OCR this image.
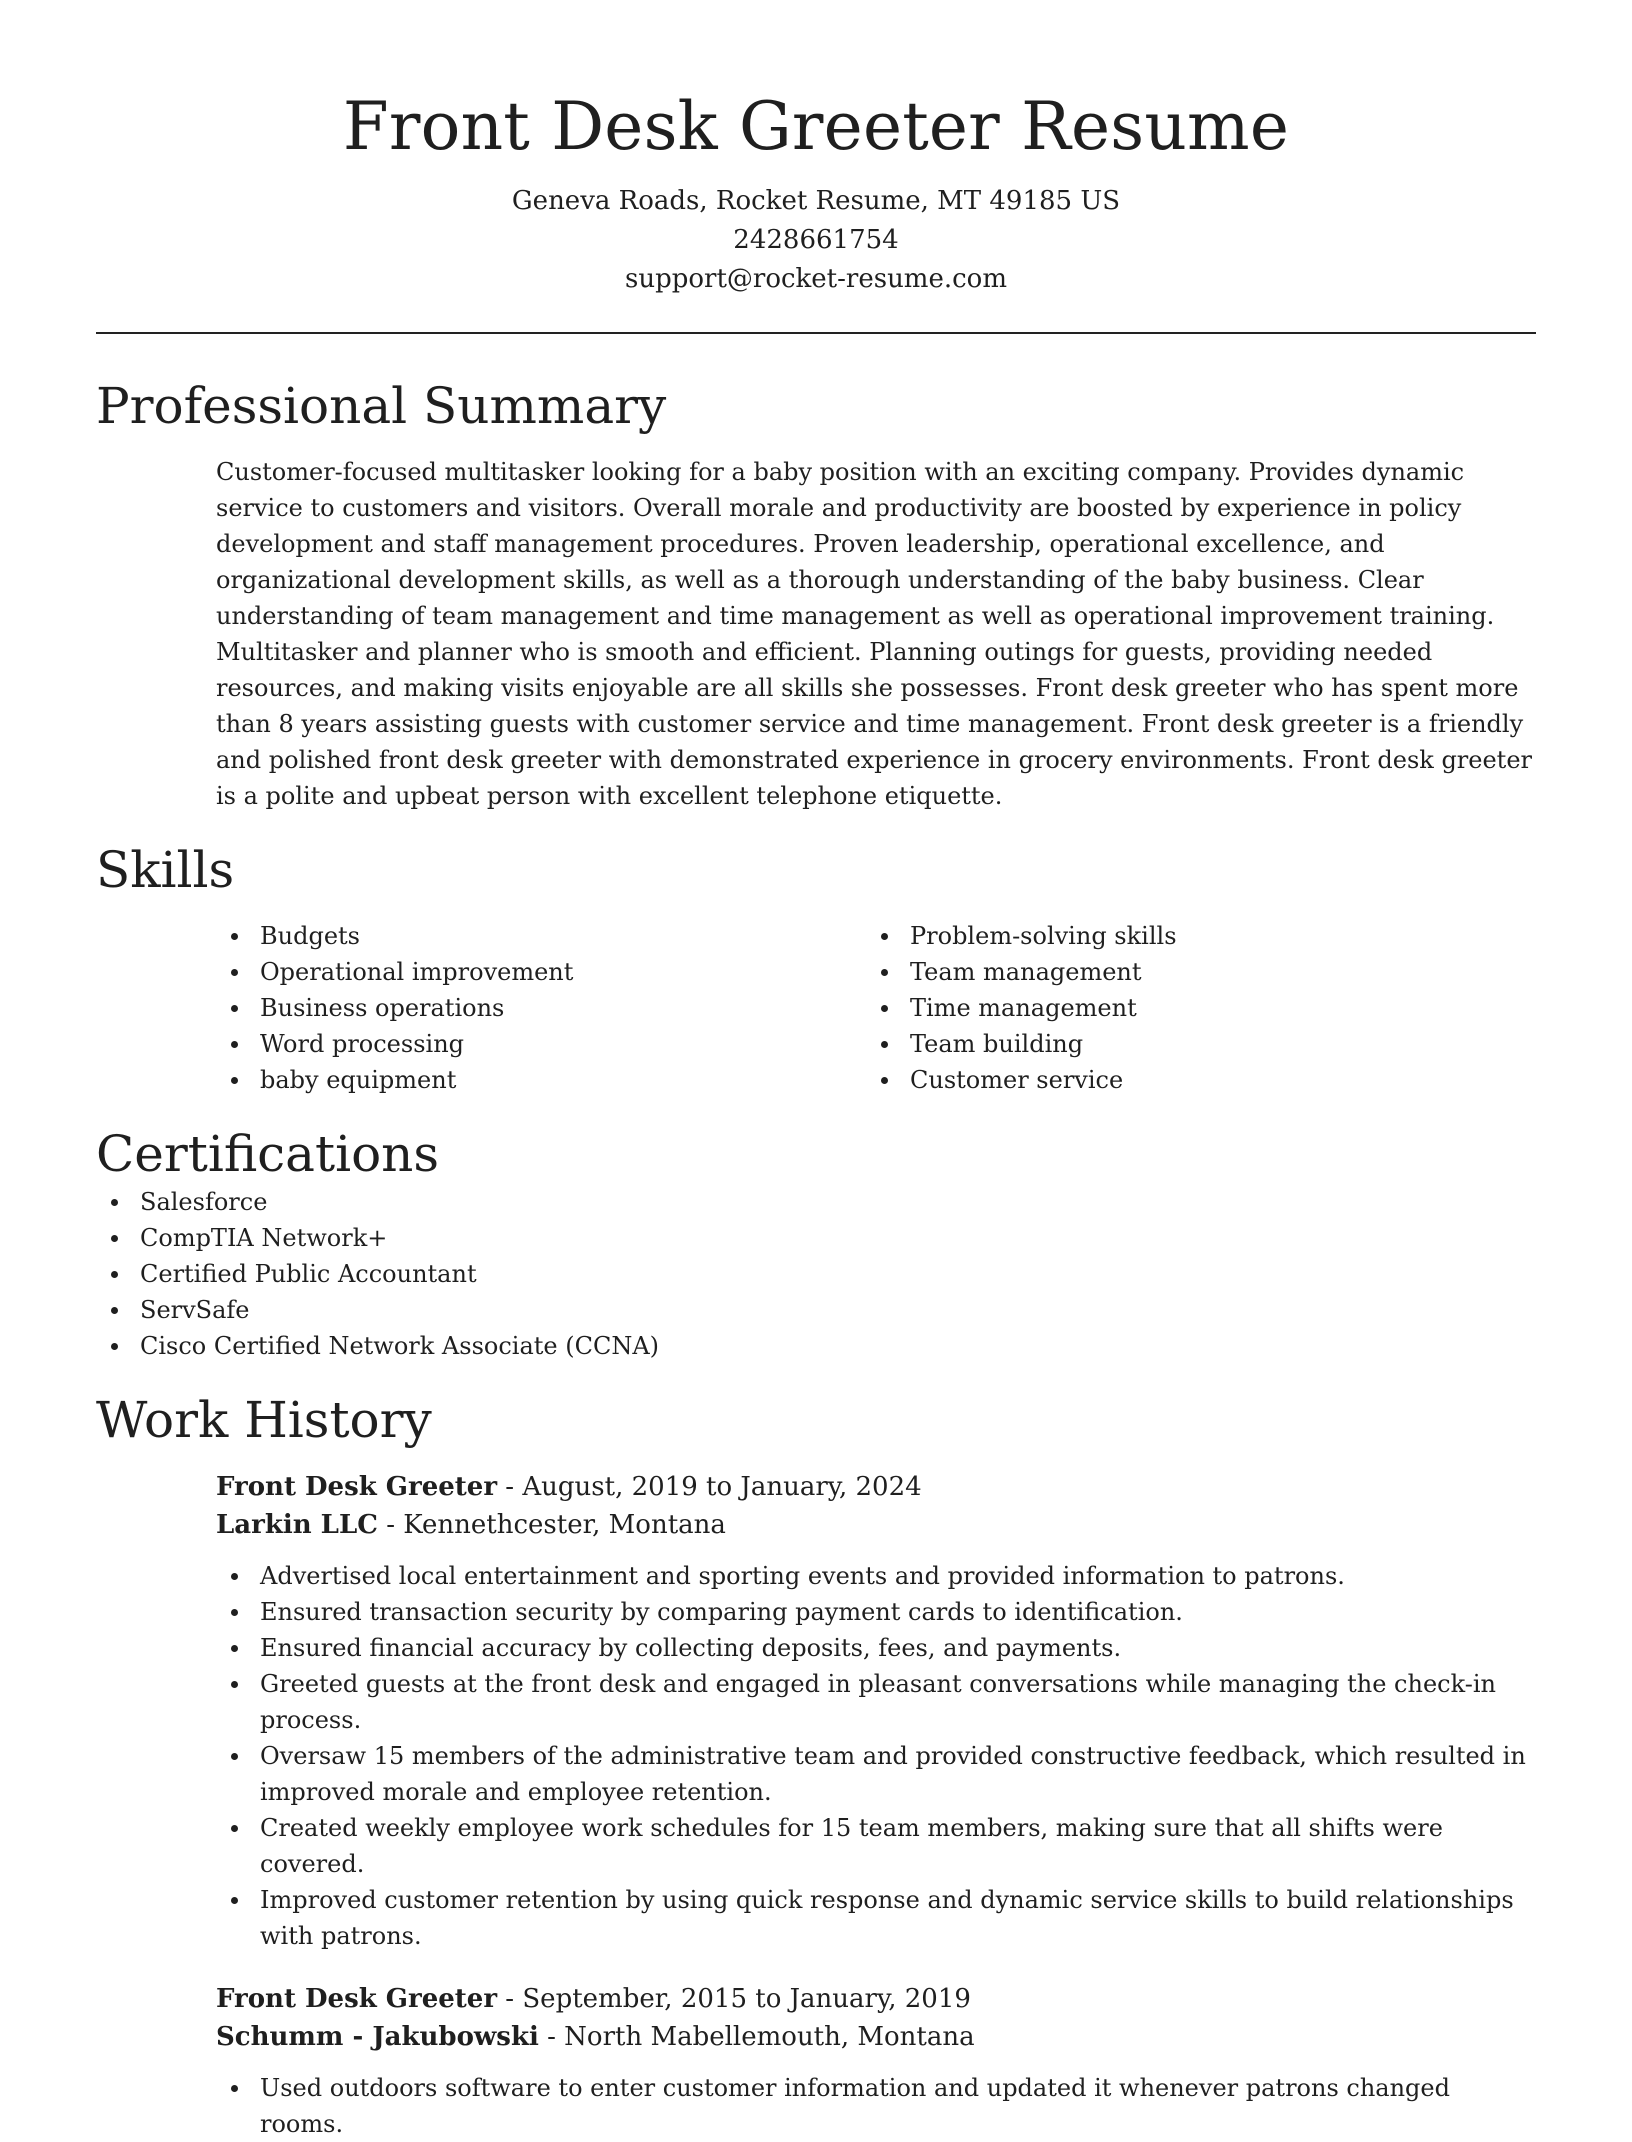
Front Desk Greeter Resume
Geneva Roads, Rocket Resume, MT 49185 US
2428661754
support@rocket-resume.com
Professional Summary

Customer-focused multitasker looking for a baby position with an exciting company. Provides dynamic service to customers and visitors. Overall morale and productivity are boosted by experience in policy development and staff management procedures. Proven leadership, operational excellence, and organizational development skills, as well as a thorough understanding of the baby business. Clear understanding of team management and time management as well as operational improvement training. Multitasker and planner who is smooth and efficient. Planning outings for guests, providing needed resources, and making visits enjoyable are all skills she possesses. Front desk greeter who has spent more than 8 years assisting guests with customer service and time management. Front desk greeter is a friendly and polished front desk greeter with demonstrated experience in grocery environments. Front desk greeter is a polite and upbeat person with excellent telephone etiquette.

Skills
Budgets
Operational improvement
Business operations
Word processing
baby equipment
Problem-solving skills
Team management
Time management
Team building
Customer service
Certifications
Salesforce
CompTIA Network+
Certified Public Accountant
ServSafe
Cisco Certified Network Associate (CCNA)
Work History
Front Desk Greeter - August, 2019 to January, 2024
Larkin LLC - Kennethcester, Montana
Advertised local entertainment and sporting events and provided information to patrons.
Ensured transaction security by comparing payment cards to identification.
Ensured financial accuracy by collecting deposits, fees, and payments.
Greeted guests at the front desk and engaged in pleasant conversations while managing the check-in process.
Oversaw 15 members of the administrative team and provided constructive feedback, which resulted in improved morale and employee retention.
Created weekly employee work schedules for 15 team members, making sure that all shifts were covered.
Improved customer retention by using quick response and dynamic service skills to build relationships with patrons.
Front Desk Greeter - September, 2015 to January, 2019
Schumm - Jakubowski - North Mabellemouth, Montana
Used outdoors software to enter customer information and updated it whenever patrons changed rooms.
